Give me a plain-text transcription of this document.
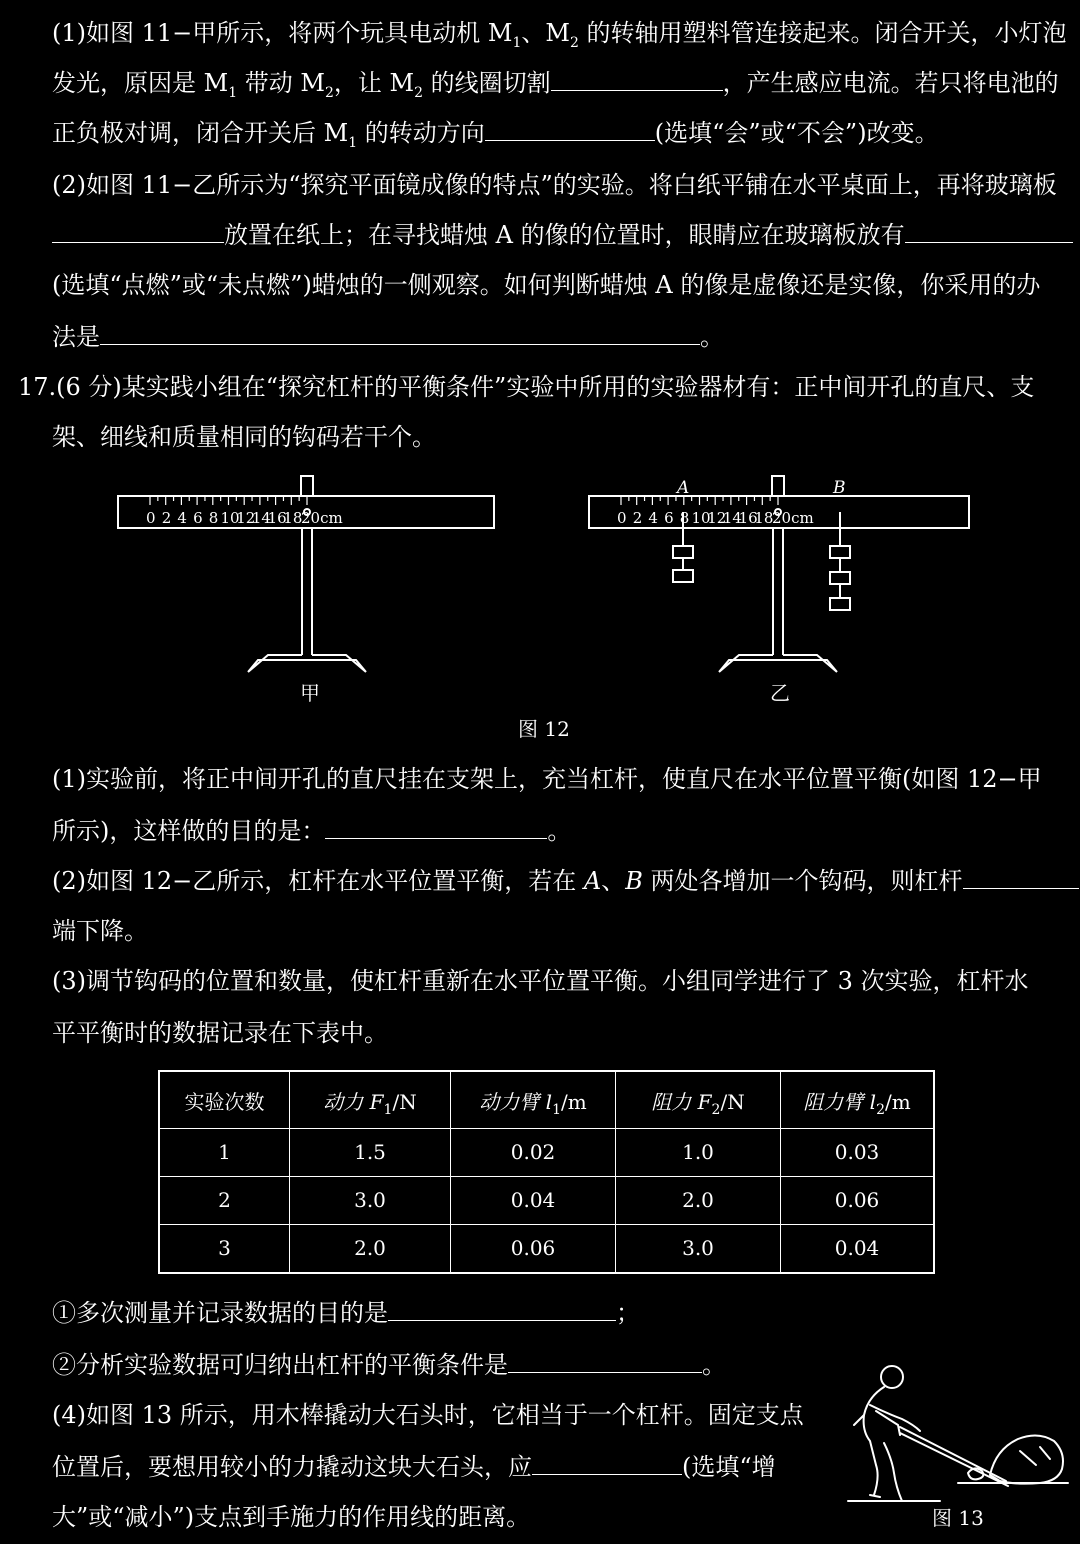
(1)如图 11−甲所示，将两个玩具电动机 $M_1$、$M_2$ 的转轴用塑料管连接起来。闭合开关，小灯泡
发光，原因是 $M_1$ 带动 $M_2$，让 $M_2$ 的线圈切割	，产生感应电流。若只将电池的
正负极对调，闭合开关后 $M_1$ 的转动方向	(选填“会”或“不会”)改变。
(2)如图 11−乙所示为“探究平面镜成像的特点”的实验。将白纸平铺在水平桌面上，再将玻璃板
放置在纸上；在寻找蜡烛 A 的像的位置时，眼睛应在玻璃板放有
(选填“点燃”或“未点燃”)蜡烛的一侧观察。如何判断蜡烛 A 的像是虚像还是实像，你采用的办
法是	。
17.(6 分)某实践小组在“探究杠杆的平衡条件”实验中所用的实验器材有：正中间开孔的直尺、支
架、细线和质量相同的钩码若干个。
0 2 4 6 8 10
12
14
16
18
20cm	0 2 4 6 8 10
12
14
16
18
20cm
A	B
甲	乙
图 12
(1)实验前，将正中间开孔的直尺挂在支架上，充当杠杆，使直尺在水平位置平衡(如图 12−甲
所示)，这样做的目的是：	。
(2)如图 12−乙所示，杠杆在水平位置平衡，若在 A、B 两处各增加一个钩码，则杠杆
端下降。
(3)调节钩码的位置和数量，使杠杆重新在水平位置平衡。小组同学进行了 3 次实验，杠杆水
平平衡时的数据记录在下表中。
实验次数	动力 $F_1/N$	动力臂 $l_1/m$	阻力 $F_2/N$	阻力臂 $l_2/m$
1	1.5	0.02	1.0	0.03
2	3.0	0.04	2.0	0.06
3	2.0	0.06	3.0	0.04
①多次测量并记录数据的目的是	；
②分析实验数据可归纳出杠杆的平衡条件是	。
(4)如图 13 所示，用木棒撬动大石头时，它相当于一个杠杆。固定支点
位置后，要想用较小的力撬动这块大石头，应	(选填“增
大”或“减小”)支点到手施力的作用线的距离。	图 13
